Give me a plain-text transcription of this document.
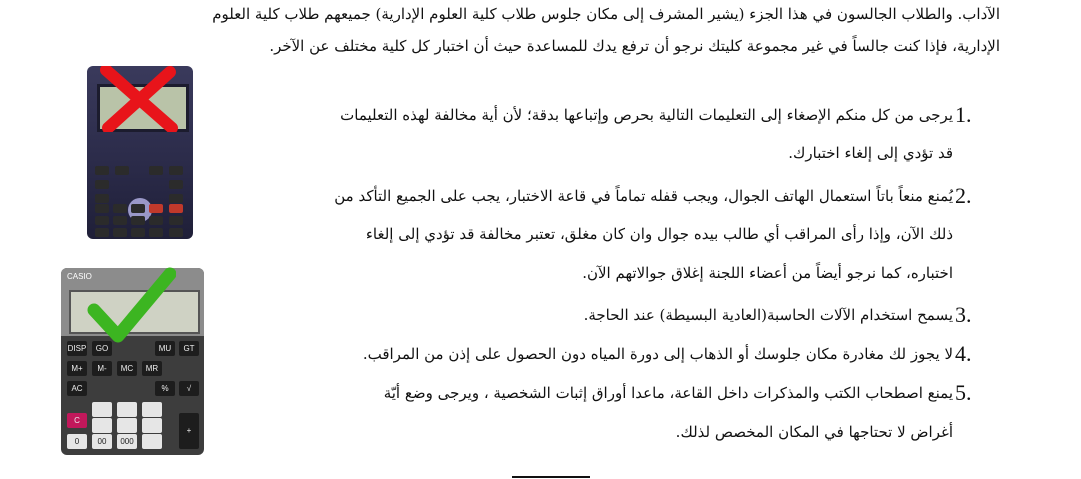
الآداب. والطلاب الجالسون في هذا الجزء (يشير المشرف إلى مكان جلوس طلاب كلية العلوم الإدارية) جميعهم طلاب كلية العلوم
الإدارية، فإذا كنت جالساً في غير مجموعة كليتك نرجو أن ترفع يدك للمساعدة حيث أن اختبار كل كلية مختلف عن الآخر.
1.
يرجى من كل منكم الإصغاء إلى التعليمات التالية بحرص وإتباعها بدقة؛ لأن أية مخالفة لهذه التعليمات
قد تؤدي إلى إلغاء اختبارك.
2.
يُمنع منعاً باتاً استعمال الهاتف الجوال، ويجب قفله تماماً في قاعة الاختبار، يجب على الجميع التأكد من
ذلك الآن، وإذا رأى المراقب أي طالب بيده جوال وان كان مغلق، تعتبر مخالفة قد تؤدي إلى إلغاء
اختباره، كما نرجو أيضاً من أعضاء اللجنة إغلاق جوالاتهم الآن.
3.
يسمح استخدام الآلات الحاسبة(العادية البسيطة) عند الحاجة.
4.
لا يجوز لك مغادرة مكان جلوسك أو الذهاب إلى دورة المياه دون الحصول على إذن من المراقب.
5.
يمنع اصطحاب الكتب والمذكرات داخل القاعة، ماعدا أوراق إثبات الشخصية ، ويرجى وضع أيّة
أغراض لا تحتاجها في المكان المخصص لذلك.
CASIO
DISP	GO
M+	MC	MR
M-
MU	GT
AC	%	√
C
0	00	000
+
